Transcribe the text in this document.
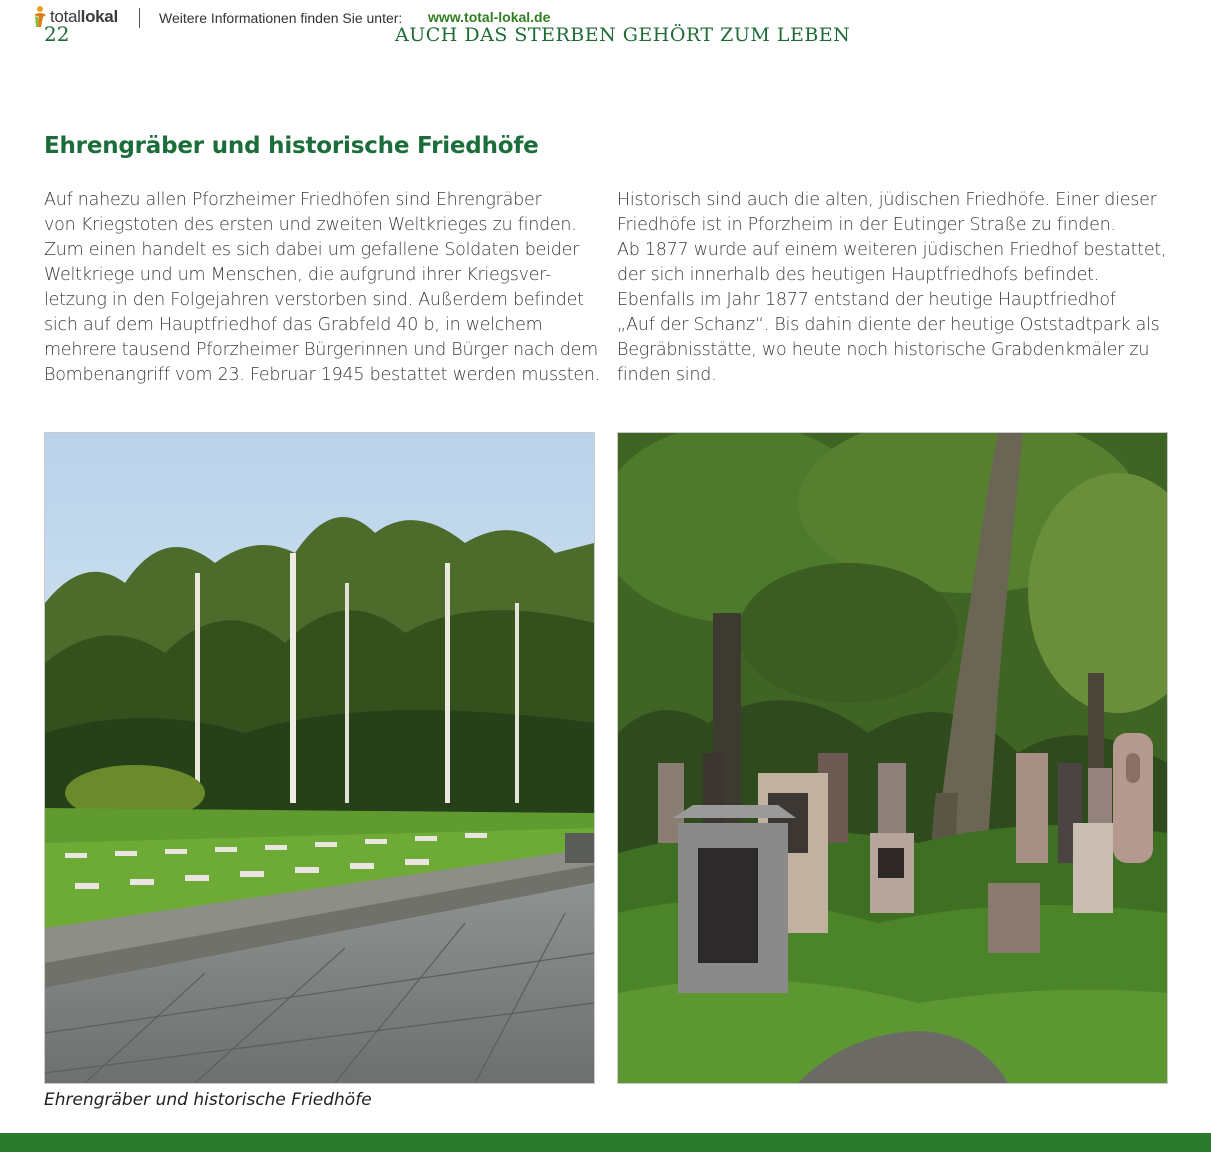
totallokal	Weitere Informationen finden Sie unter: www.total-lokal.de
22	AUCH DAS STERBEN GEHÖRT ZUM LEBEN
Ehrengräber und historische Friedhöfe
Auf nahezu allen Pforzheimer Friedhöfen sind Ehrengräber
von Kriegstoten des ersten und zweiten Weltkrieges zu finden.
Zum einen handelt es sich dabei um gefallene Soldaten beider
Weltkriege und um Menschen, die aufgrund ihrer Kriegsver-
letzung in den Folgejahren verstorben sind. Außerdem befindet
sich auf dem Hauptfriedhof das Grabfeld 40 b, in welchem
mehrere tausend Pforzheimer Bürgerinnen und Bürger nach dem
Bombenangriff vom 23. Februar 1945 bestattet werden mussten.
Historisch sind auch die alten, jüdischen Friedhöfe. Einer dieser
Friedhöfe ist in Pforzheim in der Eutinger Straße zu finden.
Ab 1877 wurde auf einem weiteren jüdischen Friedhof bestattet,
der sich innerhalb des heutigen Hauptfriedhofs befindet.
Ebenfalls im Jahr 1877 entstand der heutige Hauptfriedhof
„Auf der Schanz“. Bis dahin diente der heutige Oststadtpark als
Begräbnisstätte, wo heute noch historische Grabdenkmäler zu
finden sind.
Ehrengräber und historische Friedhöfe
